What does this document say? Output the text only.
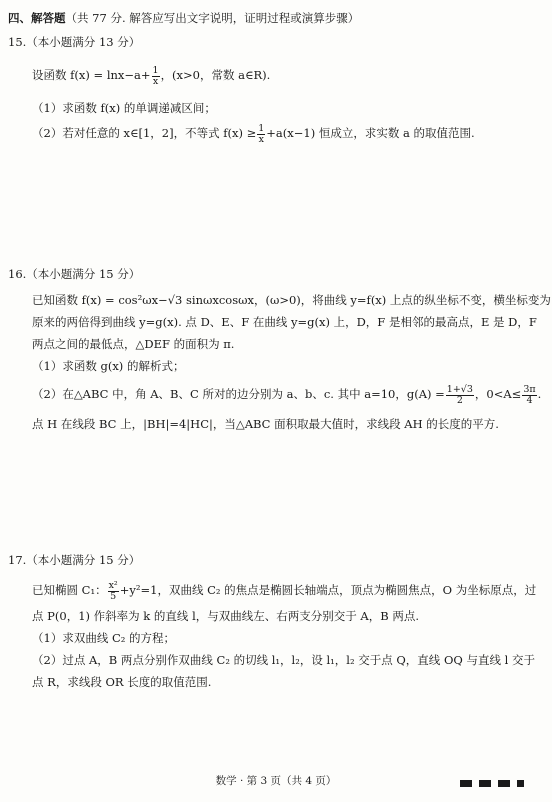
四、解答题（共 77 分. 解答应写出文字说明，证明过程或演算步骤）
15.（本小题满分 13 分）
设函数 $f(x) = \ln x-a+ \frac{1}{x}$ ，(x>0，常数 a∈R).
（1）求函数 f(x) 的单调递减区间；
（2）若对任意的 x∈[1，2]，不等式 $f(x) \ge \frac{1}{x} +a(x-1)$ 恒成立，求实数 a 的取值范围.
16.（本小题满分 15 分）
已知函数 f(x) = cos²ωx−√3 sinωxcosωx，(ω>0)，将曲线 y=f(x) 上点的纵坐标不变，横坐标变为
原来的两倍得到曲线 y=g(x). 点 D、E、F 在曲线 y=g(x) 上，D，F 是相邻的最高点，E 是 D，F
两点之间的最低点，△DEF 的面积为 π.
（1）求函数 g(x) 的解析式；
（2）在△ABC 中，角 A、B、C 所对的边分别为 a、b、c. 其中 a=10，$g(A) = \frac{1+√3}{2}$ ，$0<A\le \frac{3\pi}{4}$ .
点 H 在线段 BC 上，|BH|=4|HC|，当△ABC 面积取最大值时，求线段 AH 的长度的平方.
17.（本小题满分 15 分）
已知椭圆 C₁： $\frac{\text{x²}}{5} +y^2=1$，双曲线 C₂ 的焦点是椭圆长轴端点，顶点为椭圆焦点，O 为坐标原点，过
点 P(0，1) 作斜率为 k 的直线 l，与双曲线左、右两支分别交于 A，B 两点.
（1）求双曲线 C₂ 的方程；
（2）过点 A，B 两点分别作双曲线 C₂ 的切线 l₁，l₂，设 l₁，l₂ 交于点 Q，直线 OQ 与直线 l 交于
点 R，求线段 OR 长度的取值范围.
数学 · 第 3 页（共 4 页）
